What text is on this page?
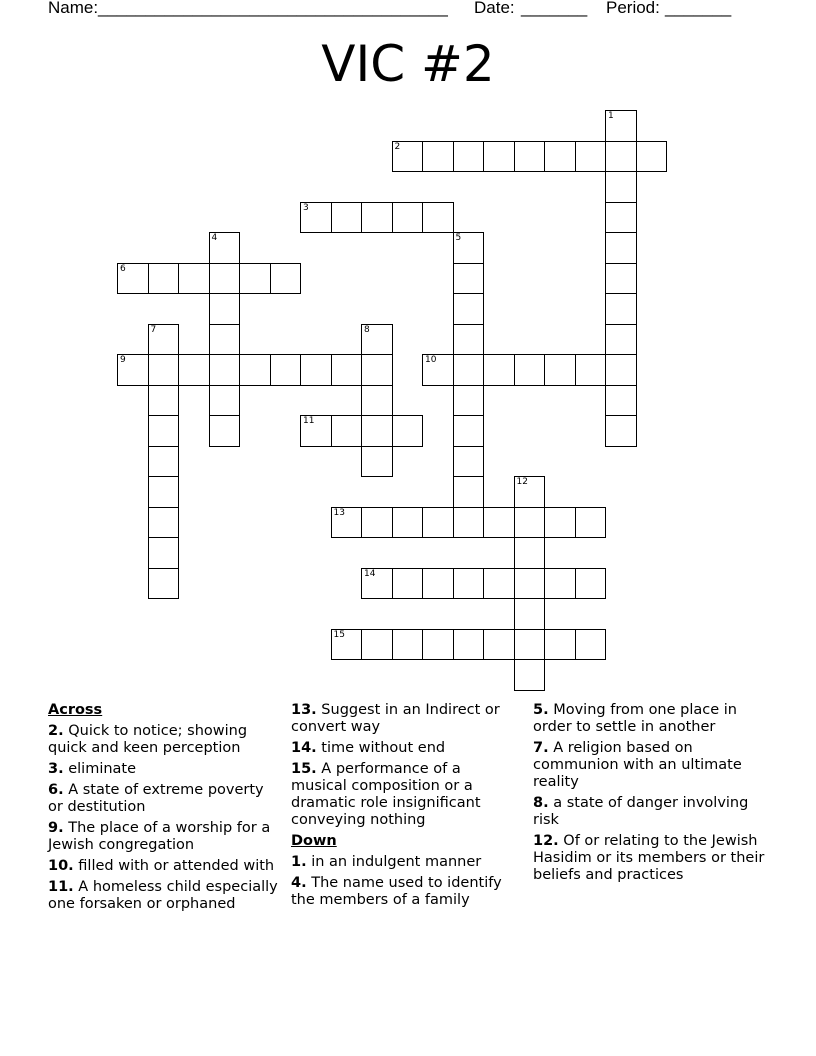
Name: _____________________________________ Date: _______ Period: _______
VIC #2
1
2
3
4	5
6
7	8
9	10
11
12
13
14
15
Across
2. Quick to notice; showing quick and keen perception
3. eliminate
6. A state of extreme poverty or destitution
9. The place of a worship for a Jewish congregation
10. filled with or attended with
11. A homeless child especially one forsaken or orphaned
13. Suggest in an Indirect or convert way
14. time without end
15. A performance of a musical composition or a dramatic role insignificant conveying nothing
Down
1. in an indulgent manner
4. The name used to identify the members of a family
5. Moving from one place in order to settle in another
7. A religion based on communion with an ultimate reality
8. a state of danger involving risk
12. Of or relating to the Jewish Hasidim or its members or their beliefs and practices
